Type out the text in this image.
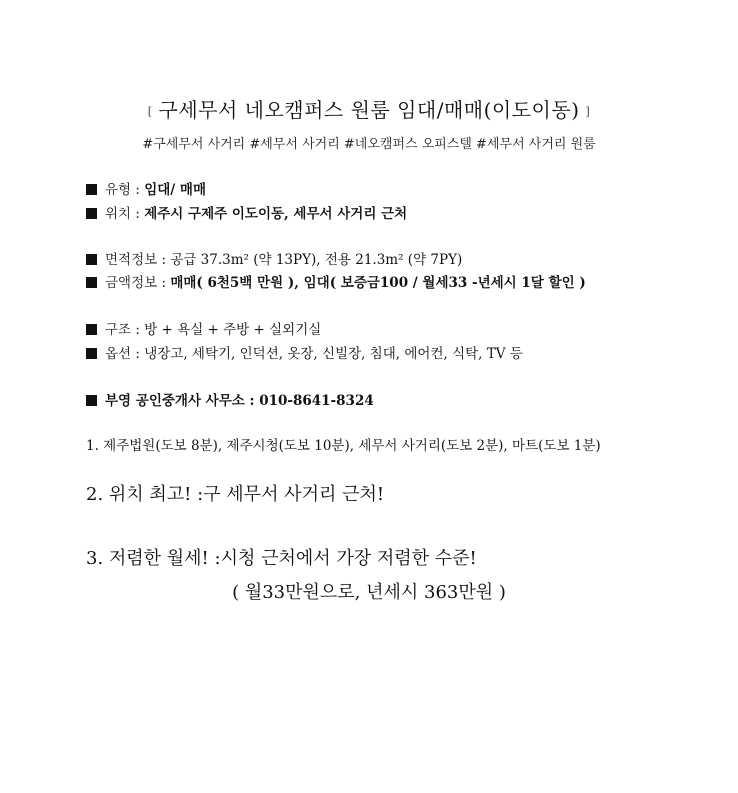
[ 구세무서 네오캠퍼스 원룸 임대/매매(이도이동) ]
#구세무서 사거리 #세무서 사거리 #네오캠퍼스 오피스텔 #세무서 사거리 원룸
유형 : 임대/ 매매
위치 : 제주시 구제주 이도이동, 세무서 사거리 근처
면적정보 : 공급 37.3m² (약 13PY), 전용 21.3m² (약 7PY)
금액정보 : 매매( 6천5백 만원 ), 임대( 보증금100 / 월세33 -년세시 1달 할인 )
구조 : 방 + 욕실 + 주방 + 실외기실
옵션 : 냉장고, 세탁기, 인덕션, 옷장, 신빌장, 침대, 에어컨, 식탁, TV 등
부영 공인중개사 사무소 : 010-8641-8324
1. 제주법원(도보 8분), 제주시청(도보 10분), 세무서 사거리(도보 2분), 마트(도보 1분)
2. 위치 최고! :구 세무서 사거리 근처!
3. 저렴한 월세! :시청 근처에서 가장 저렴한 수준!
( 월33만원으로, 년세시 363만원 )
